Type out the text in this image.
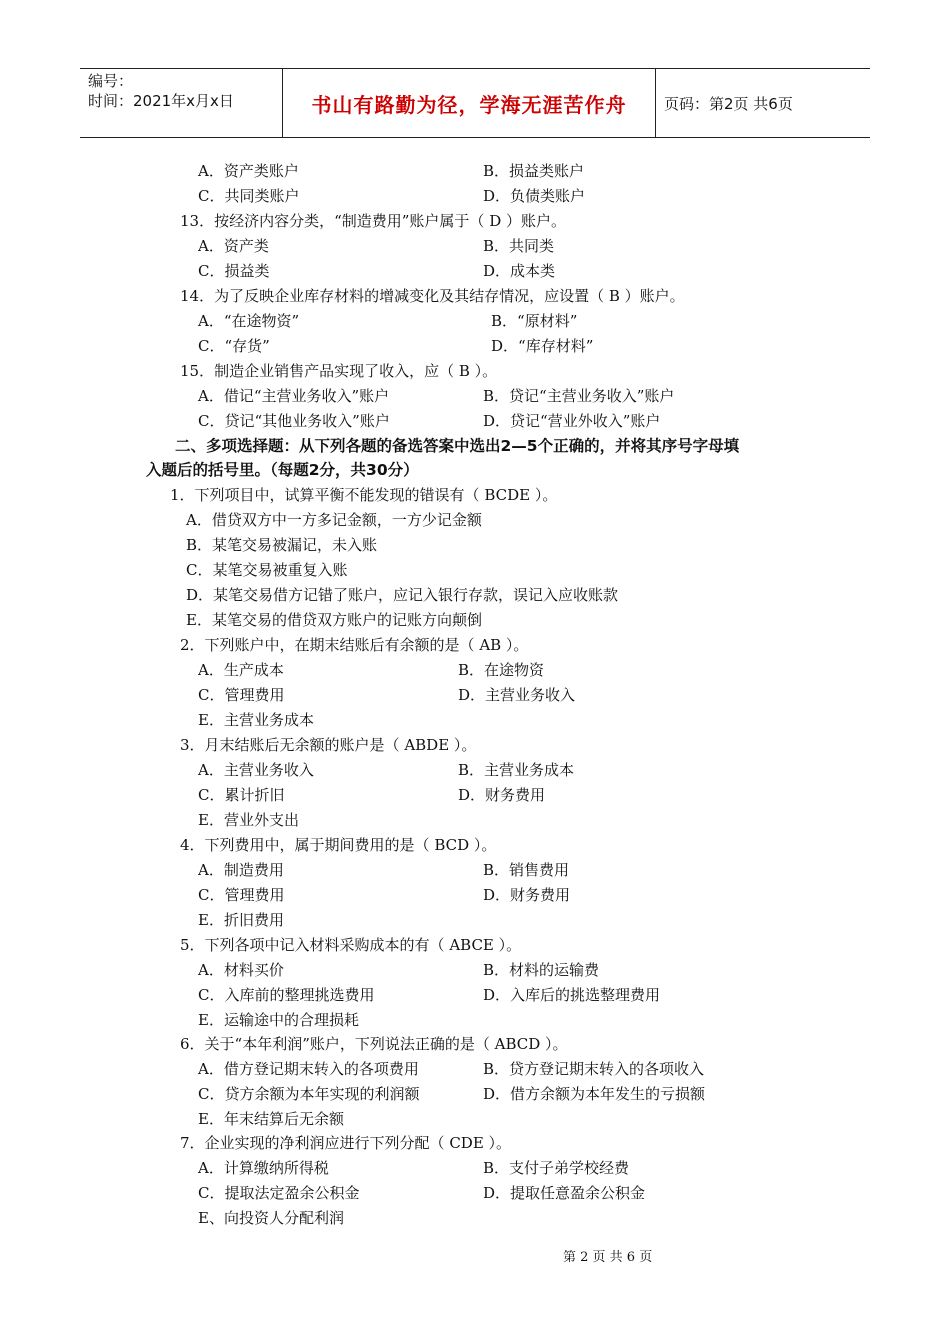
编号：
时间：2021年x月x日	书山有路勤为径，学海无涯苦作舟	页码：第2页 共6页
A．资产类账户	B．损益类账户
C．共同类账户	D．负债类账户
13．按经济内容分类，“制造费用”账户属于（ D ）账户。
A．资产类	B．共同类
C．损益类	D．成本类
14．为了反映企业库存材料的增减变化及其结存情况，应设置（ B ）账户。
A．“在途物资”	B．“原材料”
C．“存货”	D．“库存材料”
15．制造企业销售产品实现了收入，应（ B ）。
A．借记“主营业务收入”账户	B．贷记“主营业务收入”账户
C．贷记“其他业务收入”账户	D．贷记“营业外收入”账户
二、多项选择题：从下列各题的备选答案中选出2—5个正确的，并将其序号字母填
入题后的括号里。（每题2分，共30分）
1．下列项目中，试算平衡不能发现的错误有（ BCDE ）。
A．借贷双方中一方多记金额，一方少记金额
B．某笔交易被漏记，未入账
C．某笔交易被重复入账
D．某笔交易借方记错了账户，应记入银行存款，误记入应收账款
E．某笔交易的借贷双方账户的记账方向颠倒
2．下列账户中，在期末结账后有余额的是（ AB ）。
A．生产成本	B．在途物资
C．管理费用	D．主营业务收入
E．主营业务成本
3．月末结账后无余额的账户是（ ABDE ）。
A．主营业务收入	B．主营业务成本
C．累计折旧	D．财务费用
E．营业外支出
4．下列费用中，属于期间费用的是（ BCD ）。
A．制造费用	B．销售费用
C．管理费用	D．财务费用
E．折旧费用
5．下列各项中记入材料采购成本的有（ ABCE ）。
A．材料买价	B．材料的运输费
C．入库前的整理挑选费用	D．入库后的挑选整理费用
E．运输途中的合理损耗
6．关于“本年利润”账户，下列说法正确的是（ ABCD ）。
A．借方登记期末转入的各项费用	B．贷方登记期末转入的各项收入
C．贷方余额为本年实现的利润额	D．借方余额为本年发生的亏损额
E．年末结算后无余额
7．企业实现的净利润应进行下列分配（ CDE ）。
A．计算缴纳所得税	B．支付子弟学校经费
C．提取法定盈余公积金	D．提取任意盈余公积金
E、向投资人分配利润
第 2 页 共 6 页
